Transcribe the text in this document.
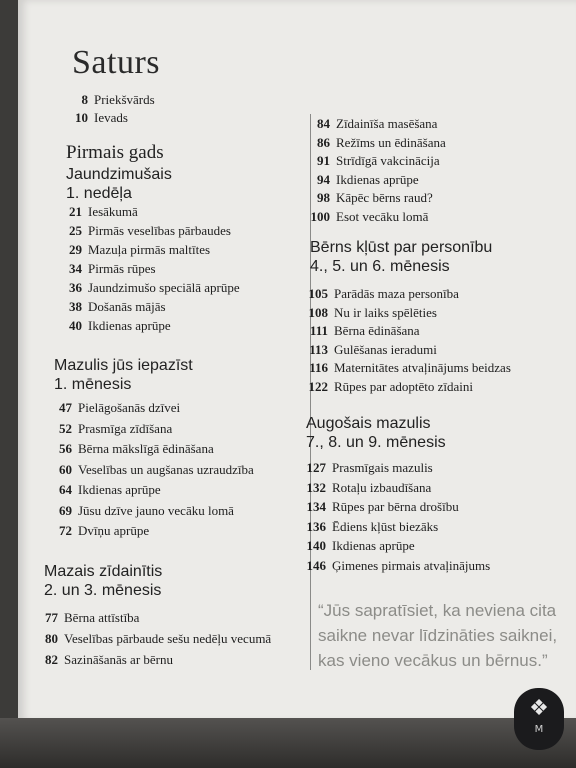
Saturs
8 Priekšvārds
10 Ievads
Pirmais gads
Jaundzimušais
1. nedēļa
21 Iesākumā
25 Pirmās veselības pārbaudes
29 Mazuļa pirmās maltītes
34 Pirmās rūpes
36 Jaundzimušo speciālā aprūpe
38 Došanās mājās
40 Ikdienas aprūpe
Mazulis jūs iepazīst
1. mēnesis
47 Pielāgošanās dzīvei
52 Prasmīga zīdīšana
56 Bērna mākslīgā ēdināšana
60 Veselības un augšanas uzraudzība
64 Ikdienas aprūpe
69 Jūsu dzīve jauno vecāku lomā
72 Dvīņu aprūpe
Mazais zīdainītis
2. un 3. mēnesis
77 Bērna attīstība
80 Veselības pārbaude sešu nedēļu vecumā
82 Sazināšanās ar bērnu
84 Zīdainīša masēšana
86 Režīms un ēdināšana
91 Strīdīgā vakcinācija
94 Ikdienas aprūpe
98 Kāpēc bērns raud?
100 Esot vecāku lomā
Bērns kļūst par personību
4., 5. un 6. mēnesis
105 Parādās maza personība
108 Nu ir laiks spēlēties
111 Bērna ēdināšana
113 Gulēšanas ieradumi
116 Maternitātes atvaļinājums beidzas
122 Rūpes par adoptēto zīdaini
Augošais mazulis
7., 8. un 9. mēnesis
127 Prasmīgais mazulis
132 Rotaļu izbaudīšana
134 Rūpes par bērna drošību
136 Ēdiens kļūst biezāks
140 Ikdienas aprūpe
146 Ģimenes pirmais atvaļinājums
“Jūs sapratīsiet, ka neviena cita
saikne nevar līdzināties saiknei,
kas vieno vecākus un bērnus.”
❖
M
